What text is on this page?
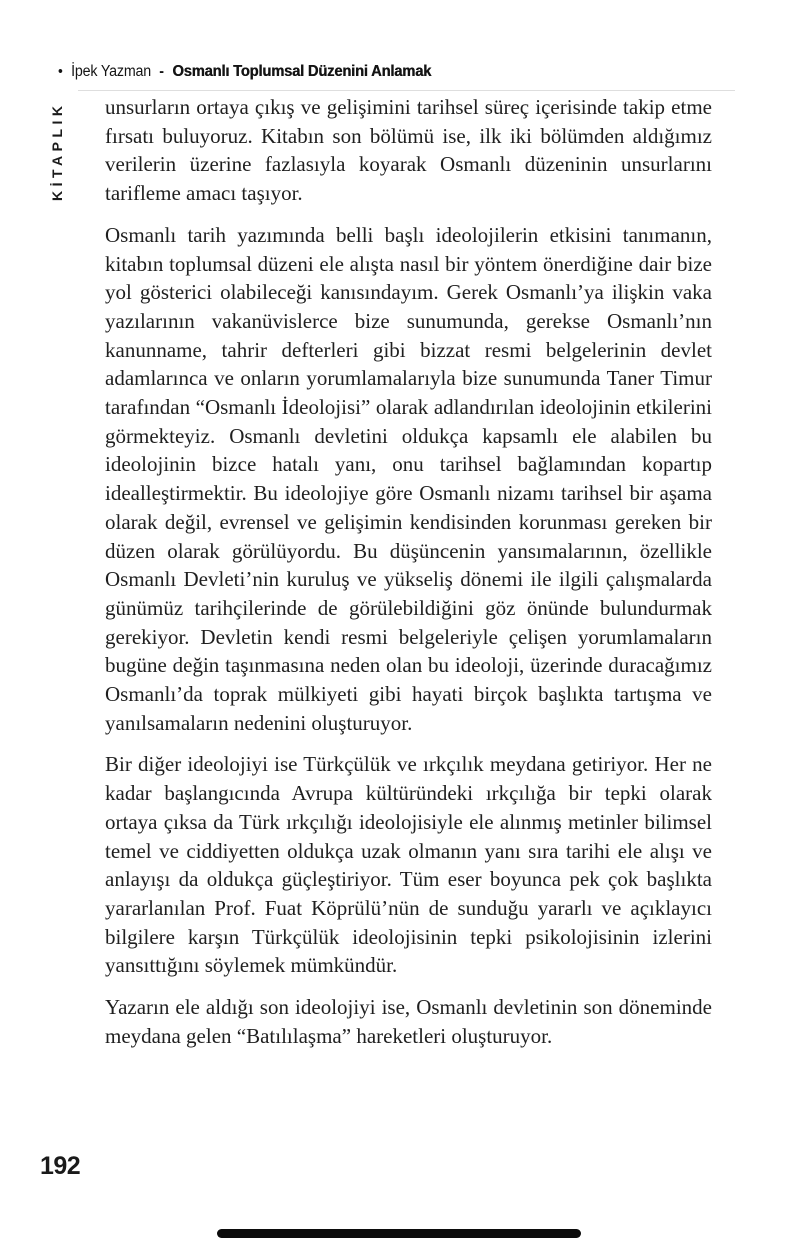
• İpek Yazman - Osmanlı Toplumsal Düzenini Anlamak
KİTAPLIK unsurların ortaya çıkış ve gelişimini tarihsel süreç içerisinde takip etme fırsatı buluyoruz. Kitabın son bölümü ise, ilk iki bölümden aldığımız verilerin üzerine fazlasıyla koyarak Osmanlı düzeninin unsurlarını tarifleme amacı taşıyor.

Osmanlı tarih yazımında belli başlı ideolojilerin etkisini tanımanın, kitabın toplumsal düzeni ele alışta nasıl bir yöntem önerdiğine dair bize yol gösterici olabileceği kanısındayım. Gerek Osmanlı’ya ilişkin vaka yazılarının vakanüvislerce bize sunumunda, gerekse Osmanlı’nın kanunname, tahrir defterleri gibi bizzat resmi belgelerinin devlet adamlarınca ve onların yorumlamalarıyla bize sunumunda Taner Timur tarafından “Osmanlı İdeolojisi” olarak adlandırılan ideolojinin etkilerini görmekteyiz. Osmanlı devletini oldukça kapsamlı ele alabilen bu ideolojinin bizce hatalı yanı, onu tarihsel bağlamından kopartıp idealleştirmektir. Bu ideolojiye göre Osmanlı nizamı tarihsel bir aşama olarak değil, evrensel ve gelişimin kendisinden korunması gereken bir düzen olarak görülüyordu. Bu düşüncenin yansımalarının, özellikle Osmanlı Devleti’nin kuruluş ve yükseliş dönemi ile ilgili çalışmalarda günümüz tarihçilerinde de görülebildiğini göz önünde bulundurmak gerekiyor. Devletin kendi resmi belgeleriyle çelişen yorumlamaların bugüne değin taşınmasına neden olan bu ideoloji, üzerinde duracağımız Osmanlı’da toprak mülkiyeti gibi hayati birçok başlıkta tartışma ve yanılsamaların nedenini oluşturuyor.

Bir diğer ideolojiyi ise Türkçülük ve ırkçılık meydana getiriyor. Her ne kadar başlangıcında Avrupa kültüründeki ırkçılığa bir tepki olarak ortaya çıksa da Türk ırkçılığı ideolojisiyle ele alınmış metinler bilimsel temel ve ciddiyetten oldukça uzak olmanın yanı sıra tarihi ele alışı ve anlayışı da oldukça güçleştiriyor. Tüm eser boyunca pek çok başlıkta yararlanılan Prof. Fuat Köprülü’nün de sunduğu yararlı ve açıklayıcı bilgilere karşın Türkçülük ideolojisinin tepki psikolojisinin izlerini yansıttığını söylemek mümkündür.

Yazarın ele aldığı son ideolojiyi ise, Osmanlı devletinin son döneminde meydana gelen “Batılılaşma” hareketleri oluşturuyor.

192
